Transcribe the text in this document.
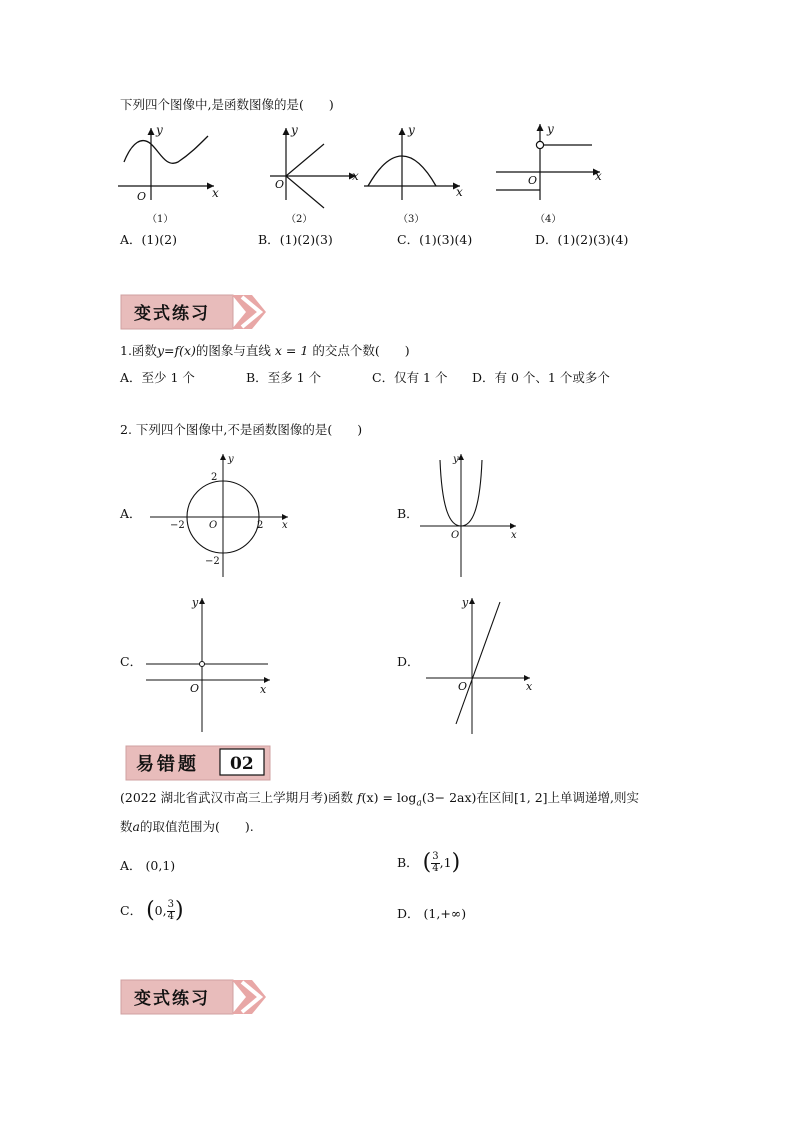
下列四个图像中,是函数图像的是(　　)
y
x
O
y
x
O
y
x
y
x
O
（1）	（2）	（3）	（4）
A．(1)(2)	B．(1)(2)(3)	C．(1)(3)(4)	D．(1)(2)(3)(4)
变式练习
1.函数y=f(x)的图象与直线 x = 1 的交点个数(　　)
A．至少 1 个	B．至多 1 个	C．仅有 1 个 D．有 0 个、1 个或多个
2. 下列四个图像中,不是函数图像的是(　　)
A．
y
x
O
2
2
−2
−2
B．
y
x
O
C．
y
x
O
D．
y
x
O
易错题 02
(2022 湖北省武汉市高三上学期月考)函数 $f(x) = \log_a(3- 2ax)$在区间[1, 2]上单调递增,则实
数a的取值范围为(　　).
A． (0,1)	B． ( $\frac{3}{4} ,1$)
C． (0, $\frac{3}{4}$ )	D． (1,+∞)
变式练习
